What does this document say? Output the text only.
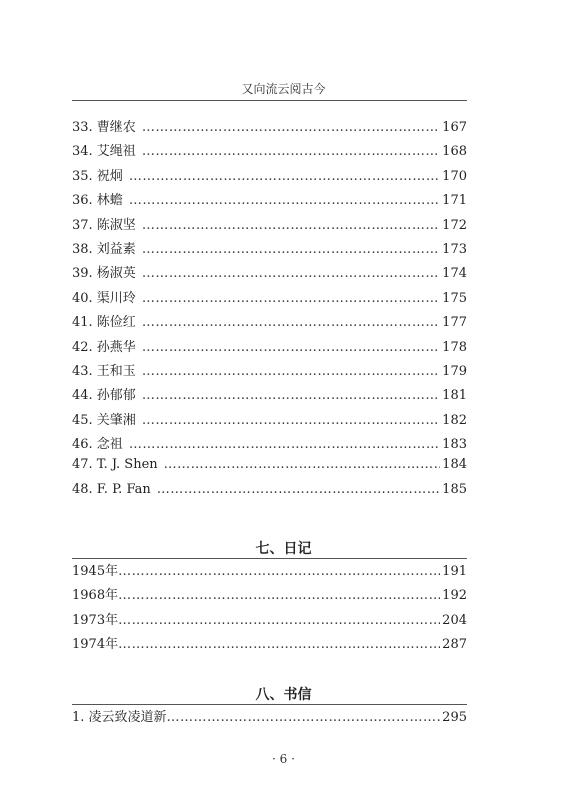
又向流云阅古今
33. 曹继农 ……………………………………………………………………………………………………………………………………………………	167
34. 艾绳祖 ……………………………………………………………………………………………………………………………………………………	168
35. 祝炯 ……………………………………………………………………………………………………………………………………………………	170
36. 林蟾 ……………………………………………………………………………………………………………………………………………………	171
37. 陈淑坚 ……………………………………………………………………………………………………………………………………………………	172
38. 刘益素 ……………………………………………………………………………………………………………………………………………………	173
39. 杨淑英 ……………………………………………………………………………………………………………………………………………………	174
40. 渠川玲 ……………………………………………………………………………………………………………………………………………………	175
41. 陈俭红 ……………………………………………………………………………………………………………………………………………………	177
42. 孙燕华 ……………………………………………………………………………………………………………………………………………………	178
43. 王和玉 ……………………………………………………………………………………………………………………………………………………	179
44. 孙郁郁 ……………………………………………………………………………………………………………………………………………………	181
45. 关肇湘 ……………………………………………………………………………………………………………………………………………………	182
46. 念祖 ……………………………………………………………………………………………………………………………………………………	183
47. T. J. Shen ……………………………………………………………………………………………………………………………………………………	184
48. F. P. Fan ……………………………………………………………………………………………………………………………………………………	185
七、日记
1945年 ……………………………………………………………………………………………………………………………………………………	191
1968年 ……………………………………………………………………………………………………………………………………………………	192
1973年 ……………………………………………………………………………………………………………………………………………………	204
1974年 ……………………………………………………………………………………………………………………………………………………	287
八、书信
1. 凌云致凌道新 ……………………………………………………………………………………………………………………………………………………	295
· 6 ·
